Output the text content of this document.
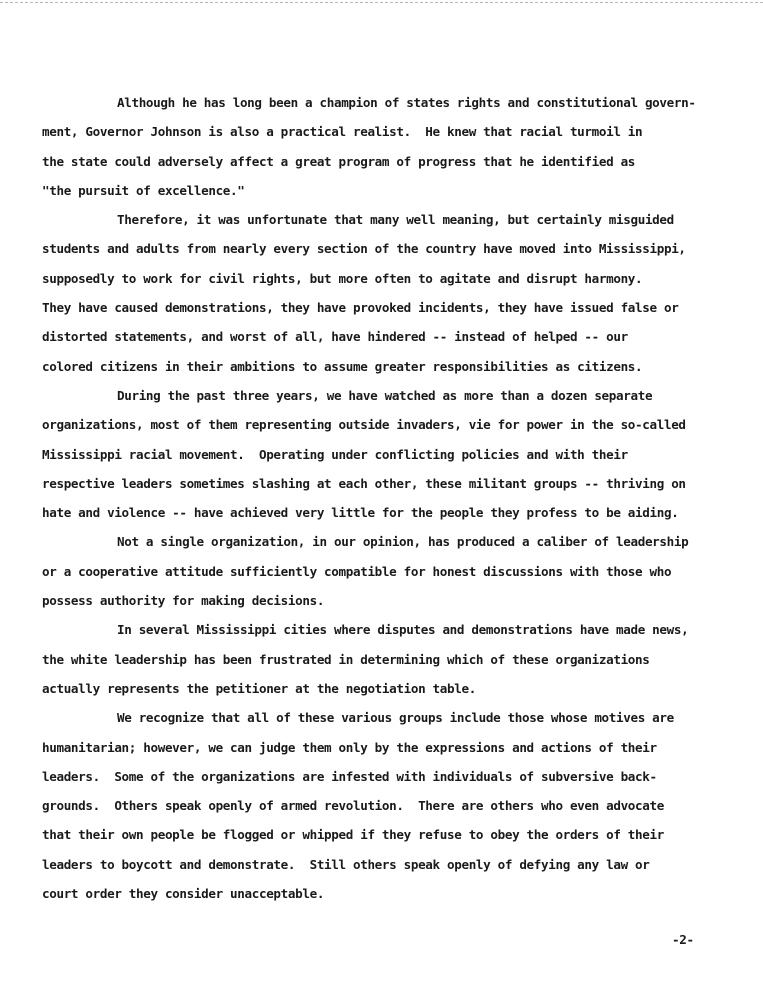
Although he has long been a champion of states rights and constitutional govern-
ment, Governor Johnson is also a practical realist.  He knew that racial turmoil in
the state could adversely affect a great program of progress that he identified as
"the pursuit of excellence."
Therefore, it was unfortunate that many well meaning, but certainly misguided
students and adults from nearly every section of the country have moved into Mississippi,
supposedly to work for civil rights, but more often to agitate and disrupt harmony.
They have caused demonstrations, they have provoked incidents, they have issued false or
distorted statements, and worst of all, have hindered -- instead of helped -- our
colored citizens in their ambitions to assume greater responsibilities as citizens.
During the past three years, we have watched as more than a dozen separate
organizations, most of them representing outside invaders, vie for power in the so-called
Mississippi racial movement.  Operating under conflicting policies and with their
respective leaders sometimes slashing at each other, these militant groups -- thriving on
hate and violence -- have achieved very little for the people they profess to be aiding.
Not a single organization, in our opinion, has produced a caliber of leadership
or a cooperative attitude sufficiently compatible for honest discussions with those who
possess authority for making decisions.
In several Mississippi cities where disputes and demonstrations have made news,
the white leadership has been frustrated in determining which of these organizations
actually represents the petitioner at the negotiation table.
We recognize that all of these various groups include those whose motives are
humanitarian; however, we can judge them only by the expressions and actions of their
leaders.  Some of the organizations are infested with individuals of subversive back-
grounds.  Others speak openly of armed revolution.  There are others who even advocate
that their own people be flogged or whipped if they refuse to obey the orders of their
leaders to boycott and demonstrate.  Still others speak openly of defying any law or
court order they consider unacceptable.
-2-
